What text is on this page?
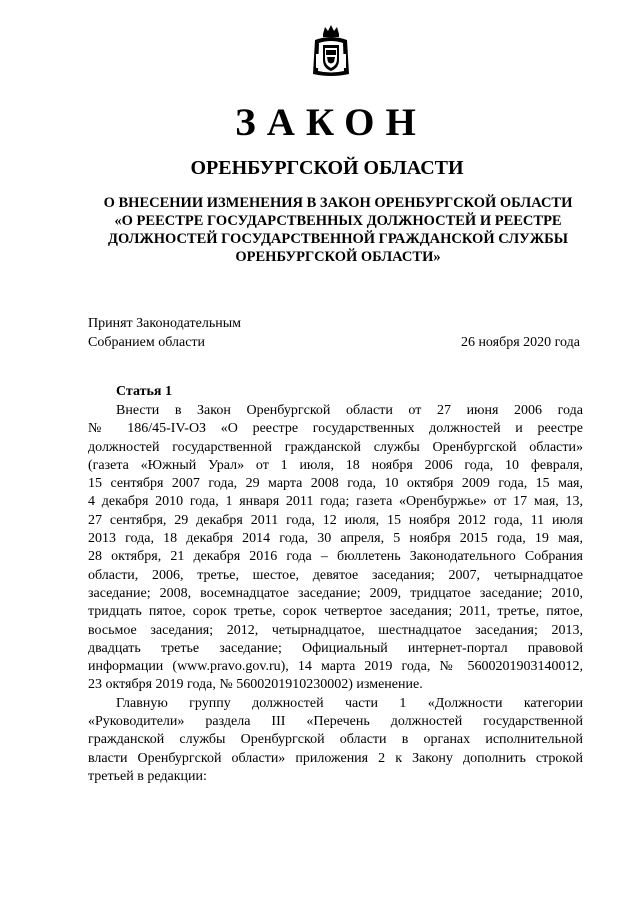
ЗАКОН
ОРЕНБУРГСКОЙ ОБЛАСТИ
О ВНЕСЕНИИ ИЗМЕНЕНИЯ В ЗАКОН ОРЕНБУРГСКОЙ ОБЛАСТИ
«О РЕЕСТРЕ ГОСУДАРСТВЕННЫХ ДОЛЖНОСТЕЙ И РЕЕСТРЕ
ДОЛЖНОСТЕЙ ГОСУДАРСТВЕННОЙ ГРАЖДАНСКОЙ СЛУЖБЫ
ОРЕНБУРГСКОЙ ОБЛАСТИ»
Принят Законодательным
Собранием области	26 ноября 2020 года
Статья 1
Внести в Закон Оренбургской области от 27 июня 2006 года
№ 186/45-IV-ОЗ «О реестре государственных должностей и реестре
должностей государственной гражданской службы Оренбургской области»
(газета «Южный Урал» от 1 июля, 18 ноября 2006 года, 10 февраля,
15 сентября 2007 года, 29 марта 2008 года, 10 октября 2009 года, 15 мая,
4 декабря 2010 года, 1 января 2011 года; газета «Оренбуржье» от 17 мая, 13,
27 сентября, 29 декабря 2011 года, 12 июля, 15 ноября 2012 года, 11 июля
2013 года, 18 декабря 2014 года, 30 апреля, 5 ноября 2015 года, 19 мая,
28 октября, 21 декабря 2016 года – бюллетень Законодательного Собрания
области, 2006, третье, шестое, девятое заседания; 2007, четырнадцатое
заседание; 2008, восемнадцатое заседание; 2009, тридцатое заседание; 2010,
тридцать пятое, сорок третье, сорок четвертое заседания; 2011, третье, пятое,
восьмое заседания; 2012, четырнадцатое, шестнадцатое заседания; 2013,
двадцать третье заседание; Официальный интернет-портал правовой
информации (www.pravo.gov.ru), 14 марта 2019 года, № 5600201903140012,
23 октября 2019 года, № 5600201910230002) изменение.
Главную группу должностей части 1 «Должности категории
«Руководители» раздела III «Перечень должностей государственной
гражданской службы Оренбургской области в органах исполнительной
власти Оренбургской области» приложения 2 к Закону дополнить строкой
третьей в редакции:
